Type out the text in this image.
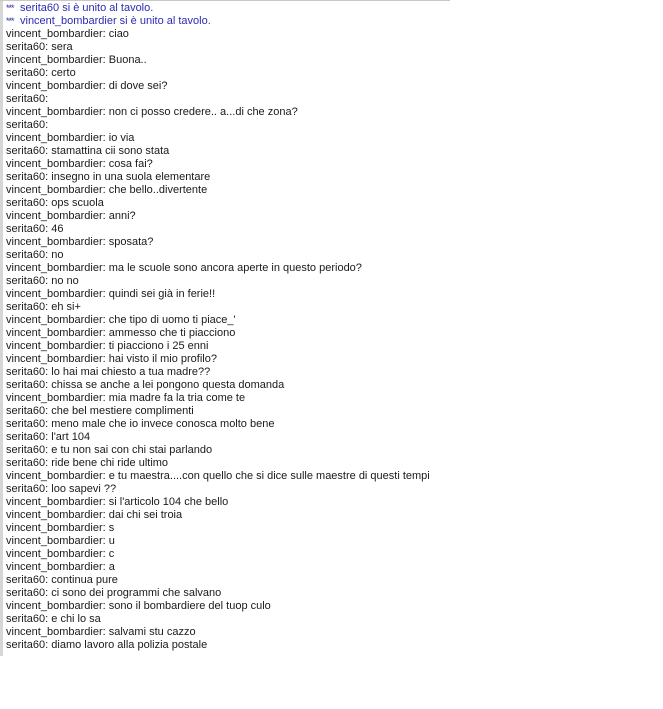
*** serita60 si è unito al tavolo.
*** vincent_bombardier si è unito al tavolo.
vincent_bombardier: ciao
serita60: sera
vincent_bombardier: Buona..
serita60: certo
vincent_bombardier: di dove sei?
serita60:
vincent_bombardier: non ci posso credere.. a...di che zona?
serita60:
vincent_bombardier: io via
serita60: stamattina cii sono stata
vincent_bombardier: cosa fai?
serita60: insegno in una suola elementare
vincent_bombardier: che bello..divertente
serita60: ops scuola
vincent_bombardier: anni?
serita60: 46
vincent_bombardier: sposata?
serita60: no
vincent_bombardier: ma le scuole sono ancora aperte in questo periodo?
serita60: no no
vincent_bombardier: quindi sei già in ferie!!
serita60: eh si+
vincent_bombardier: che tipo di uomo ti piace_'
vincent_bombardier: ammesso che ti piacciono
vincent_bombardier: ti piacciono i 25 enni
vincent_bombardier: hai visto il mio profilo?
serita60: lo hai mai chiesto a tua madre??
serita60: chissa se anche a lei pongono questa domanda
vincent_bombardier: mia madre fa la tria come te
serita60: che bel mestiere complimenti
serita60: meno male che io invece conosca molto bene
serita60: l'art 104
serita60: e tu non sai con chi stai parlando
serita60: ride bene chi ride ultimo
vincent_bombardier: e tu maestra....con quello che si dice sulle maestre di questi tempi
serita60: loo sapevi ??
vincent_bombardier: si l'articolo 104 che bello
vincent_bombardier: dai chi sei troia
vincent_bombardier: s
vincent_bombardier: u
vincent_bombardier: c
vincent_bombardier: a
serita60: continua pure
serita60: ci sono dei programmi che salvano
vincent_bombardier: sono il bombardiere del tuop culo
serita60: e chi lo sa
vincent_bombardier: salvami stu cazzo
serita60: diamo lavoro alla polizia postale
